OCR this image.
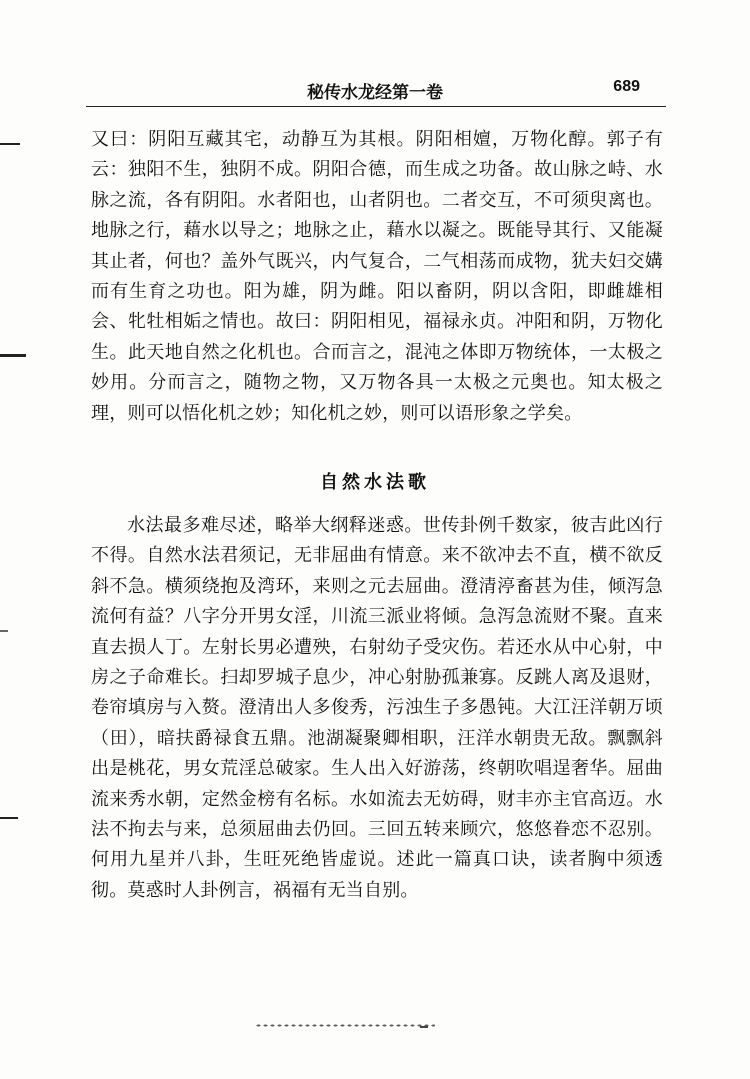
秘传水龙经第一卷	689

又曰：阴阳互藏其宅，动静互为其根。阴阳相嬗，万物化醇。郭子有云：独阳不生，独阴不成。阴阳合德，而生成之功备。故山脉之峙、水脉之流，各有阴阳。水者阳也，山者阴也。二者交互，不可须臾离也。地脉之行，藉水以导之；地脉之止，藉水以凝之。既能导其行、又能凝其止者，何也？盖外气既兴，内气复合，二气相荡而成物，犹夫妇交媾而有生育之功也。阳为雄，阴为雌。阳以畜阴，阴以含阳，即雌雄相会、牝牡相姤之情也。故曰：阴阳相见，福禄永贞。冲阳和阴，万物化生。此天地自然之化机也。合而言之，混沌之体即万物统体，一太极之妙用。分而言之，随物之物，又万物各具一太极之元奥也。知太极之理，则可以悟化机之妙；知化机之妙，则可以语形象之学矣。

自然水法歌

水法最多难尽述，略举大纲释迷惑。世传卦例千数家，彼吉此凶行不得。自然水法君须记，无非屈曲有情意。来不欲冲去不直，横不欲反斜不急。横须绕抱及湾环，来则之元去屈曲。澄清渟畜甚为佳，倾泻急流何有益？八字分开男女淫，川流三派业将倾。急泻急流财不聚。直来直去损人丁。左射长男必遭殃，右射幼子受灾伤。若还水从中心射，中房之子命难长。扫却罗城子息少，冲心射胁孤兼寡。反跳人离及退财，卷帘填房与入赘。澄清出人多俊秀，污浊生子多愚钝。大江汪洋朝万顷（田），暗扶爵禄食五鼎。池湖凝聚卿相职，汪洋水朝贵无敌。飘飘斜出是桃花，男女荒淫总破家。生人出入好游荡，终朝吹唱逞奢华。屈曲流来秀水朝，定然金榜有名标。水如流去无妨碍，财丰亦主官高迈。水法不拘去与来，总须屈曲去仍回。三回五转来顾穴，悠悠眷恋不忍别。何用九星并八卦，生旺死绝皆虚说。述此一篇真口诀，读者胸中须透彻。莫惑时人卦例言，祸福有无当自别。
